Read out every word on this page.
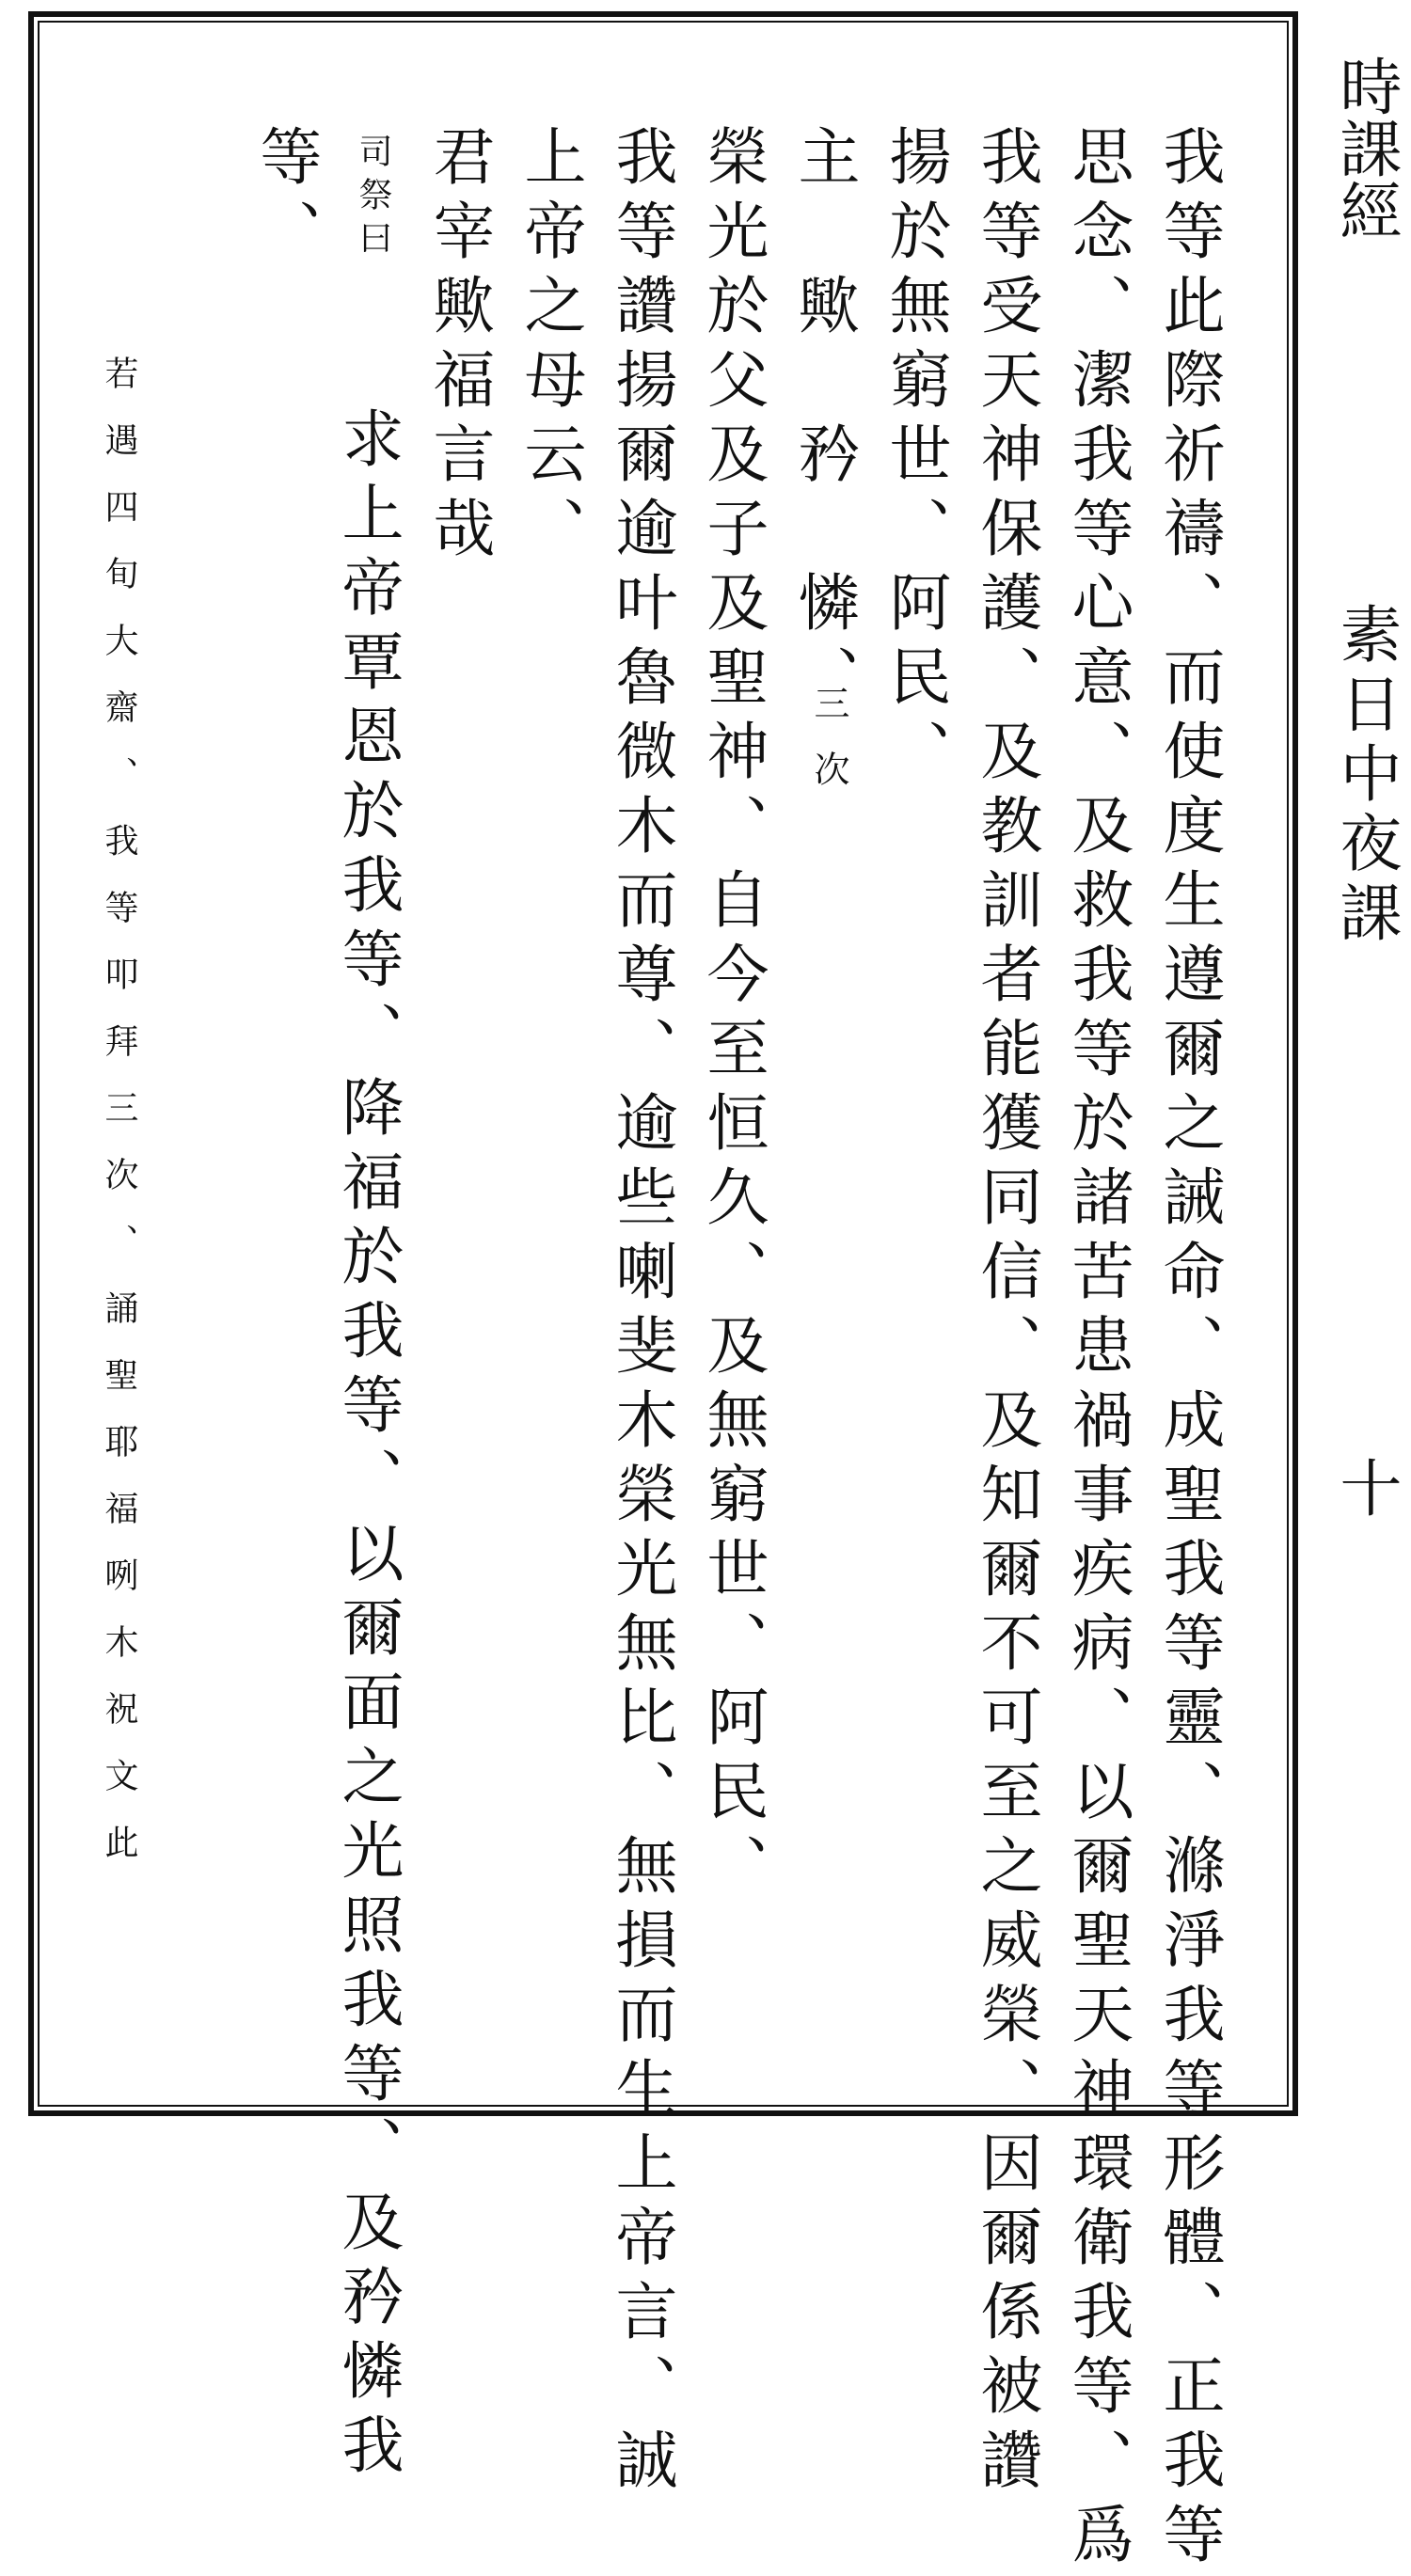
時課經
素日中夜課
十
我等此際祈禱、而使度生遵爾之誡命、成聖我等靈、滌淨我等形體、正我等
思念、潔我等心意、及救我等於諸苦患禍事疾病、以爾聖天神環衛我等、爲
我等受天神保護、及教訓者能獲同信、及知爾不可至之威榮、因爾係被讚
揚於無窮世、阿民、
主　歟　矜　憐、
三次
榮光於父及子及聖神、自今至恒久、及無窮世、阿民、
我等讚揚爾逾叶魯微木而尊、逾些喇斐木榮光無比、無損而生上帝言、誠
上帝之母云、
君宰歟福言哉
司祭曰
求上帝覃恩於我等、降福於我等、以爾面之光照我等、及矜憐我
等、
若遇四旬大齋、我等叩拜三次、誦聖耶福咧木祝文此
